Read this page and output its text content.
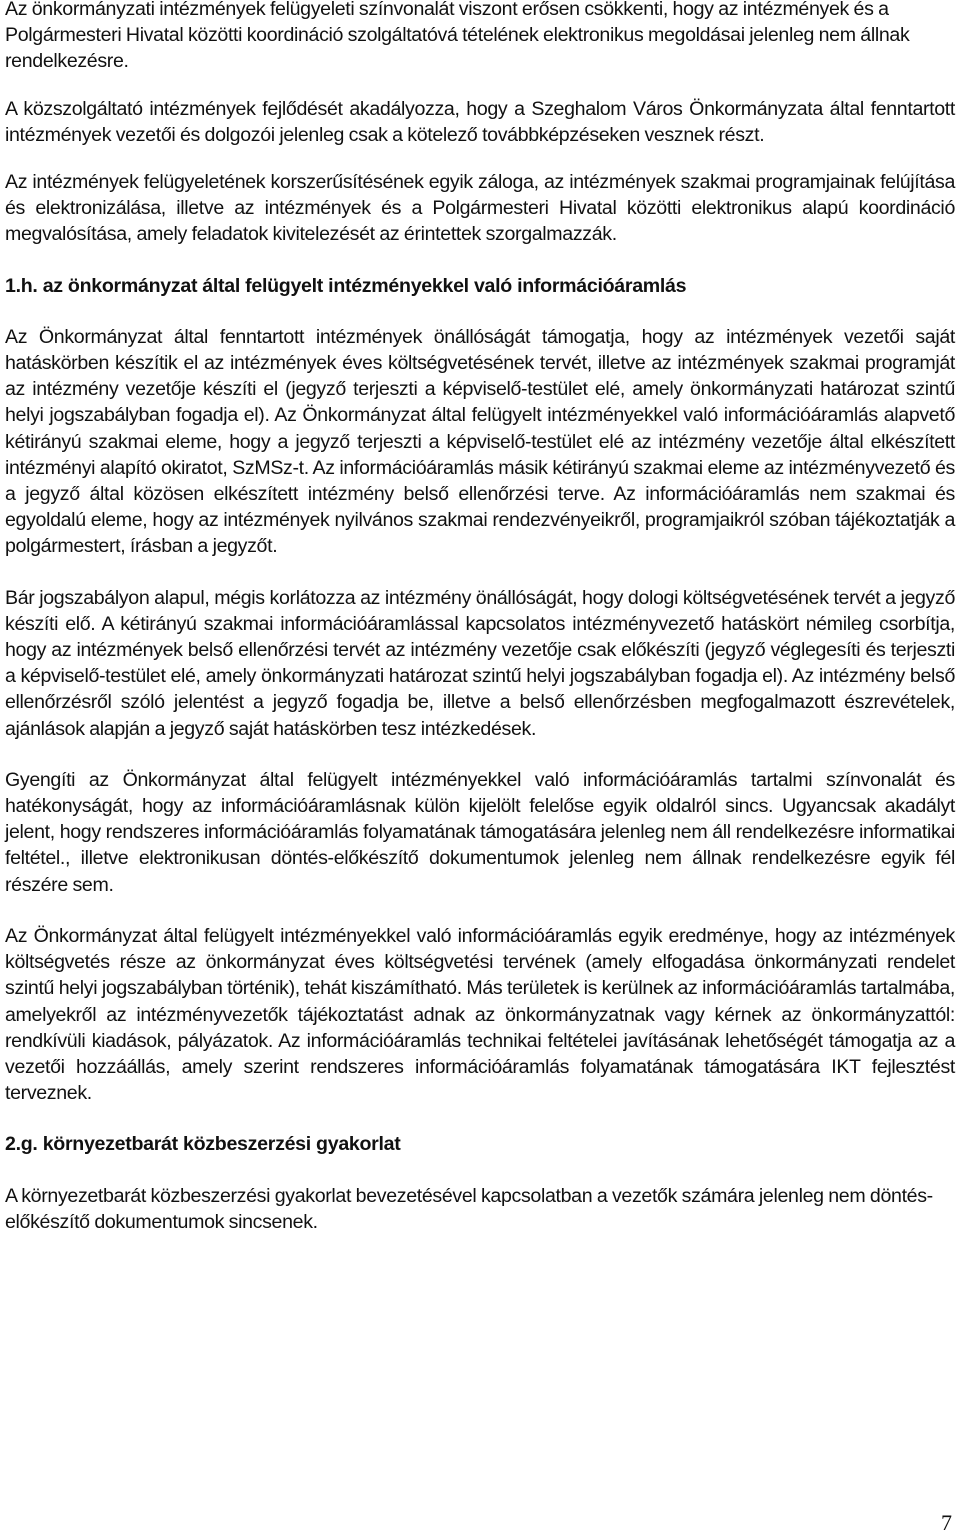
Az önkormányzati intézmények felügyeleti színvonalát viszont erősen csökkenti, hogy az intézmények és a Polgármesteri Hivatal közötti koordináció szolgáltatóvá tételének elektronikus megoldásai jelenleg nem állnak rendelkezésre.

A közszolgáltató intézmények fejlődését akadályozza, hogy a Szeghalom Város Önkormányzata által fenntartott intézmények vezetői és dolgozói jelenleg csak a kötelező továbbképzéseken vesznek részt.

Az intézmények felügyeletének korszerűsítésének egyik záloga, az intézmények szakmai programjainak felújítása és elektronizálása, illetve az intézmények és a Polgármesteri Hivatal közötti elektronikus alapú koordináció megvalósítása, amely feladatok kivitelezését az érintettek szorgalmazzák.

1.h. az önkormányzat által felügyelt intézményekkel való információáramlás

Az Önkormányzat által fenntartott intézmények önállóságát támogatja, hogy az intézmények vezetői saját hatáskörben készítik el az intézmények éves költségvetésének tervét, illetve az intézmények szakmai programját az intézmény vezetője készíti el (jegyző terjeszti a képviselő-testület elé, amely önkormányzati határozat szintű helyi jogszabályban fogadja el). Az Önkormányzat által felügyelt intézményekkel való információáramlás alapvető kétirányú szakmai eleme, hogy a jegyző terjeszti a képviselő-testület elé az intézmény vezetője által elkészített intézményi alapító okiratot, SzMSz-t. Az információáramlás másik kétirányú szakmai eleme az intézményvezető és a jegyző által közösen elkészített intézmény belső ellenőrzési terve. Az információáramlás nem szakmai és egyoldalú eleme, hogy az intézmények nyilvános szakmai rendezvényeikről, programjaikról szóban tájékoztatják a polgármestert, írásban a jegyzőt.

Bár jogszabályon alapul, mégis korlátozza az intézmény önállóságát, hogy dologi költségvetésének tervét a jegyző készíti elő. A kétirányú szakmai információáramlással kapcsolatos intézményvezető hatáskört némileg csorbítja, hogy az intézmények belső ellenőrzési tervét az intézmény vezetője csak előkészíti (jegyző véglegesíti és terjeszti a képviselő-testület elé, amely önkormányzati határozat szintű helyi jogszabályban fogadja el). Az intézmény belső ellenőrzésről szóló jelentést a jegyző fogadja be, illetve a belső ellenőrzésben megfogalmazott észrevételek, ajánlások alapján a jegyző saját hatáskörben tesz intézkedések.

Gyengíti az Önkormányzat által felügyelt intézményekkel való információáramlás tartalmi színvonalát és hatékonyságát, hogy az információáramlásnak külön kijelölt felelőse egyik oldalról sincs. Ugyancsak akadályt jelent, hogy rendszeres információáramlás folyamatának támogatására jelenleg nem áll rendelkezésre informatikai feltétel., illetve elektronikusan döntés-előkészítő dokumentumok jelenleg nem állnak rendelkezésre egyik fél részére sem.

Az Önkormányzat által felügyelt intézményekkel való információáramlás egyik eredménye, hogy az intézmények költségvetés része az önkormányzat éves költségvetési tervének (amely elfogadása önkormányzati rendelet szintű helyi jogszabályban történik), tehát kiszámítható. Más területek is kerülnek az információáramlás tartalmába, amelyekről az intézményvezetők tájékoztatást adnak az önkormányzatnak vagy kérnek az önkormányzattól: rendkívüli kiadások, pályázatok. Az információáramlás technikai feltételei javításának lehetőségét támogatja az a vezetői hozzáállás, amely szerint rendszeres információáramlás folyamatának támogatására IKT fejlesztést terveznek.

2.g. környezetbarát közbeszerzési gyakorlat

A környezetbarát közbeszerzési gyakorlat bevezetésével kapcsolatban a vezetők számára jelenleg nem döntés-előkészítő dokumentumok sincsenek.

7
